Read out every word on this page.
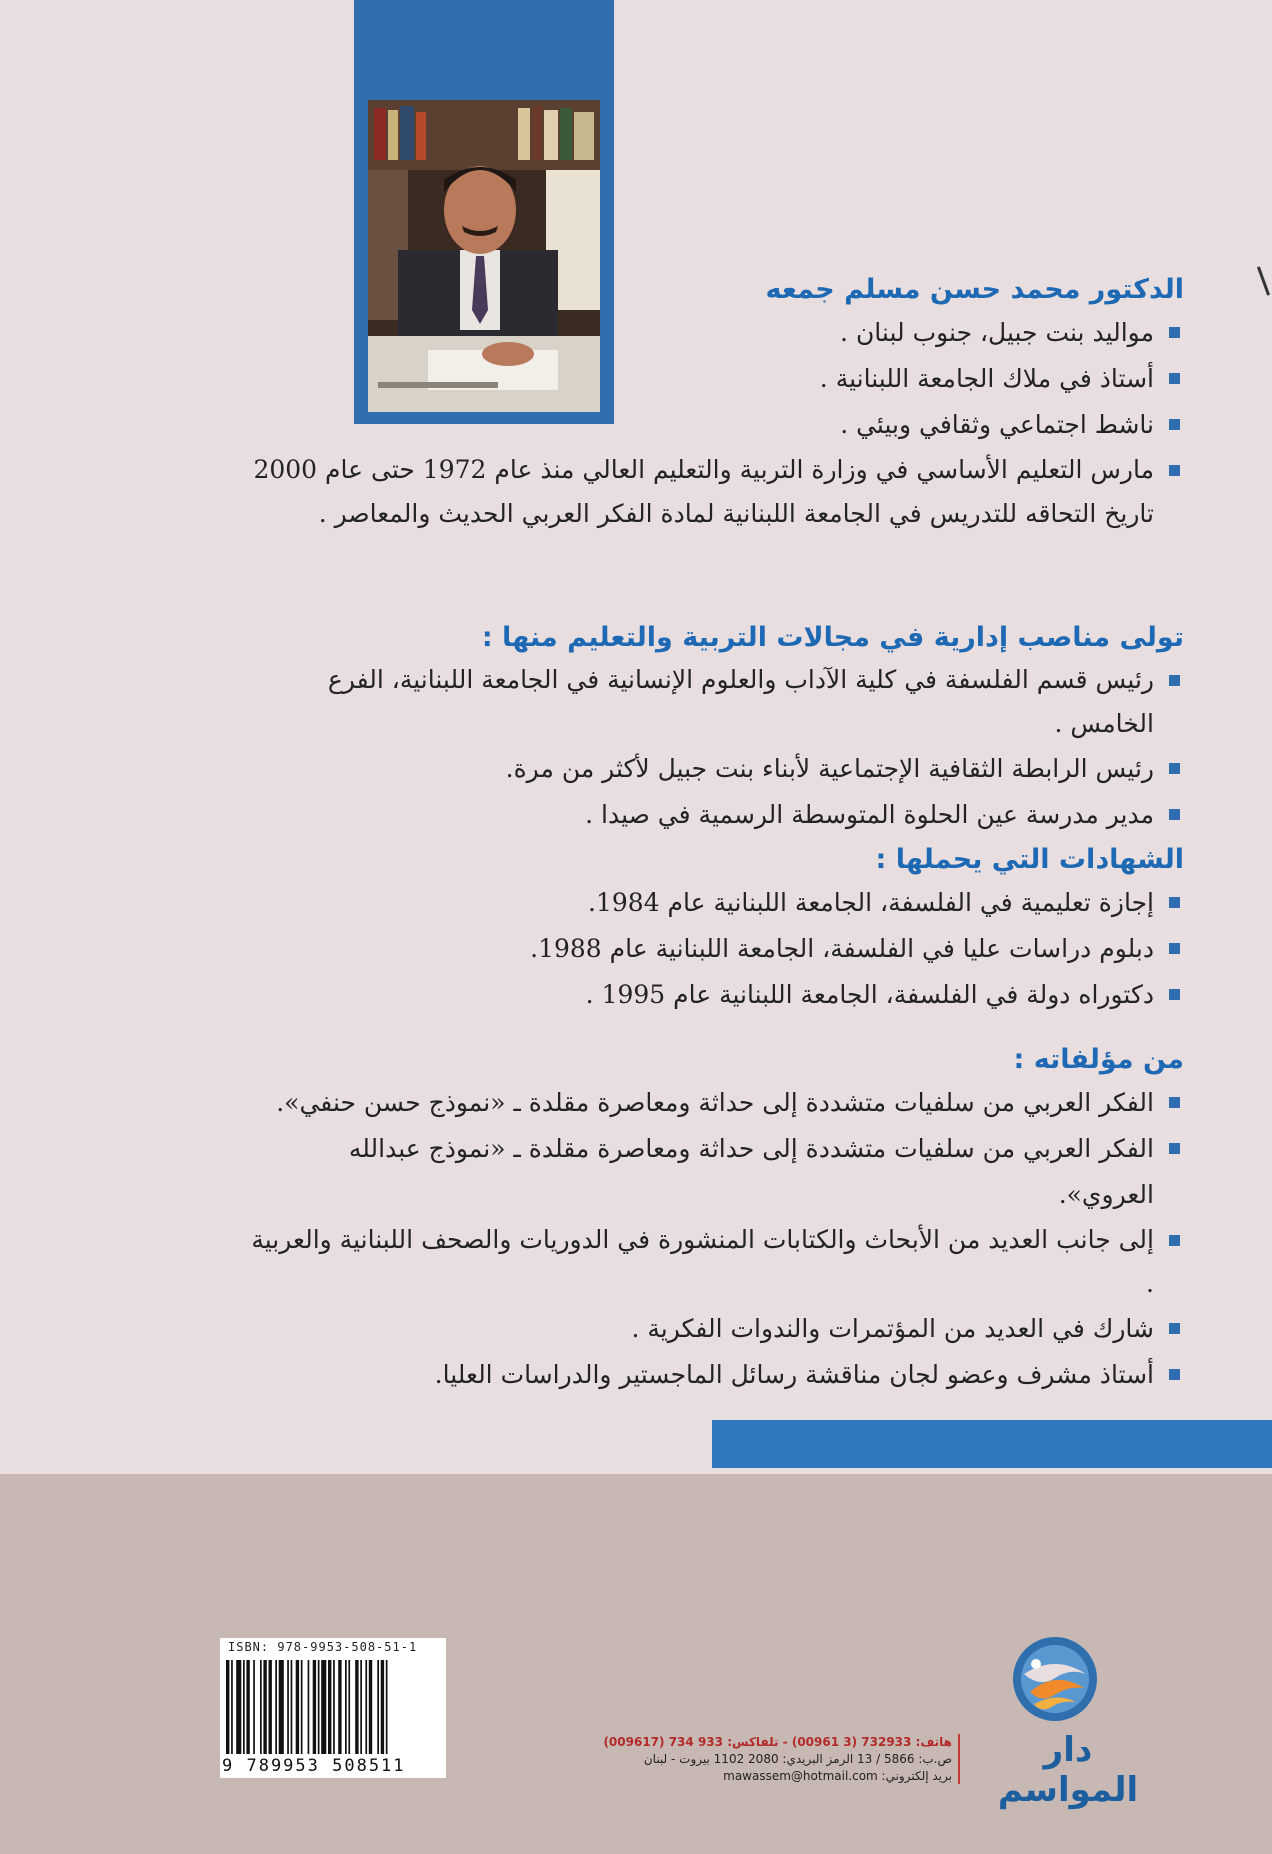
الدكتور محمد حسن مسلم جمعه
مواليد بنت جبيل، جنوب لبنان .
أستاذ في ملاك الجامعة اللبنانية .
ناشط اجتماعي وثقافي وبيئي .
مارس التعليم الأساسي في وزارة التربية والتعليم العالي منذ عام 1972 حتى عام 2000 تاريخ التحاقه للتدريس في الجامعة اللبنانية لمادة الفكر العربي الحديث والمعاصر .
تولى مناصب إدارية في مجالات التربية والتعليم منها :
رئيس قسم الفلسفة في كلية الآداب والعلوم الإنسانية في الجامعة اللبنانية، الفرع الخامس .
رئيس الرابطة الثقافية الإجتماعية لأبناء بنت جبيل لأكثر من مرة.
مدير مدرسة عين الحلوة المتوسطة الرسمية في صيدا .
الشهادات التي يحملها :
إجازة تعليمية في الفلسفة، الجامعة اللبنانية عام 1984.
دبلوم دراسات عليا في الفلسفة، الجامعة اللبنانية عام 1988.
دكتوراه دولة في الفلسفة، الجامعة اللبنانية عام 1995 .
من مؤلفاته :
الفكر العربي من سلفيات متشددة إلى حداثة ومعاصرة مقلدة ـ «نموذج حسن حنفي».
الفكر العربي من سلفيات متشددة إلى حداثة ومعاصرة مقلدة ـ «نموذج عبدالله العروي».
إلى جانب العديد من الأبحاث والكتابات المنشورة في الدوريات والصحف اللبنانية والعربية .
شارك في العديد من المؤتمرات والندوات الفكرية .
أستاذ مشرف وعضو لجان مناقشة رسائل الماجستير والدراسات العليا.
ISBN: 978-9953-508-51-1
9 789953 508511	دار المواسم
هاتف: 732933 (3 00961) - تلفاكس: 933 734 (009617)
ص.ب: 5866 / 13 الرمز البريدي: 2080 1102 بيروت - لبنان
بريد إلكتروني: mawassem@hotmail.com
